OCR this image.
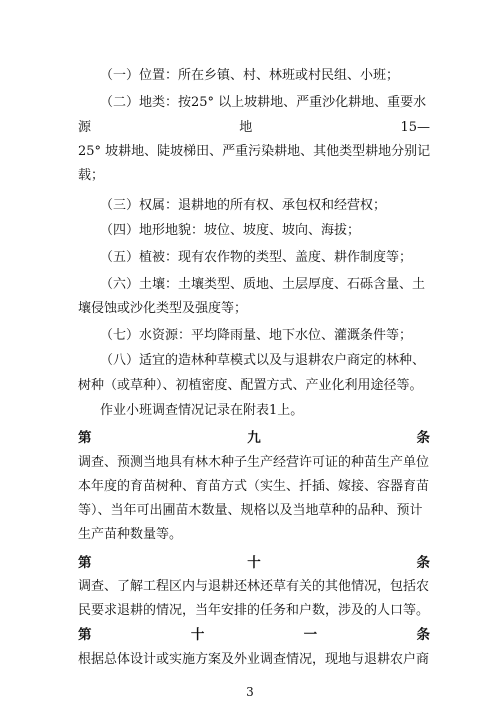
（一）位置：所在乡镇、村、林班或村民组、小班；
（二）地类：按25° 以上坡耕地、严重沙化耕地、重要水
源	地	15—
25° 坡耕地、陡坡梯田、严重污染耕地、其他类型耕地分别记
载；
（三）权属：退耕地的所有权、承包权和经营权；
（四）地形地貌：坡位、坡度、坡向、海拔；
（五）植被：现有农作物的类型、盖度、耕作制度等；
（六）土壤：土壤类型、质地、土层厚度、石砾含量、土
壤侵蚀或沙化类型及强度等；
（七）水资源：平均降雨量、地下水位、灌溉条件等；
（八）适宜的造林种草模式以及与退耕农户商定的林种、
树种（或草种）、初植密度、配置方式、产业化利用途径等。
作业小班调查情况记录在附表1上。
第	九	条
调查、预测当地具有林木种子生产经营许可证的种苗生产单位
本年度的育苗树种、育苗方式（实生、扦插、嫁接、容器育苗
等）、当年可出圃苗木数量、规格以及当地草种的品种、预计
生产苗种数量等。
第	十	条
调查、了解工程区内与退耕还林还草有关的其他情况，包括农
民要求退耕的情况，当年安排的任务和户数，涉及的人口等。
第	十	一	条
根据总体设计或实施方案及外业调查情况，现地与退耕农户商
3
